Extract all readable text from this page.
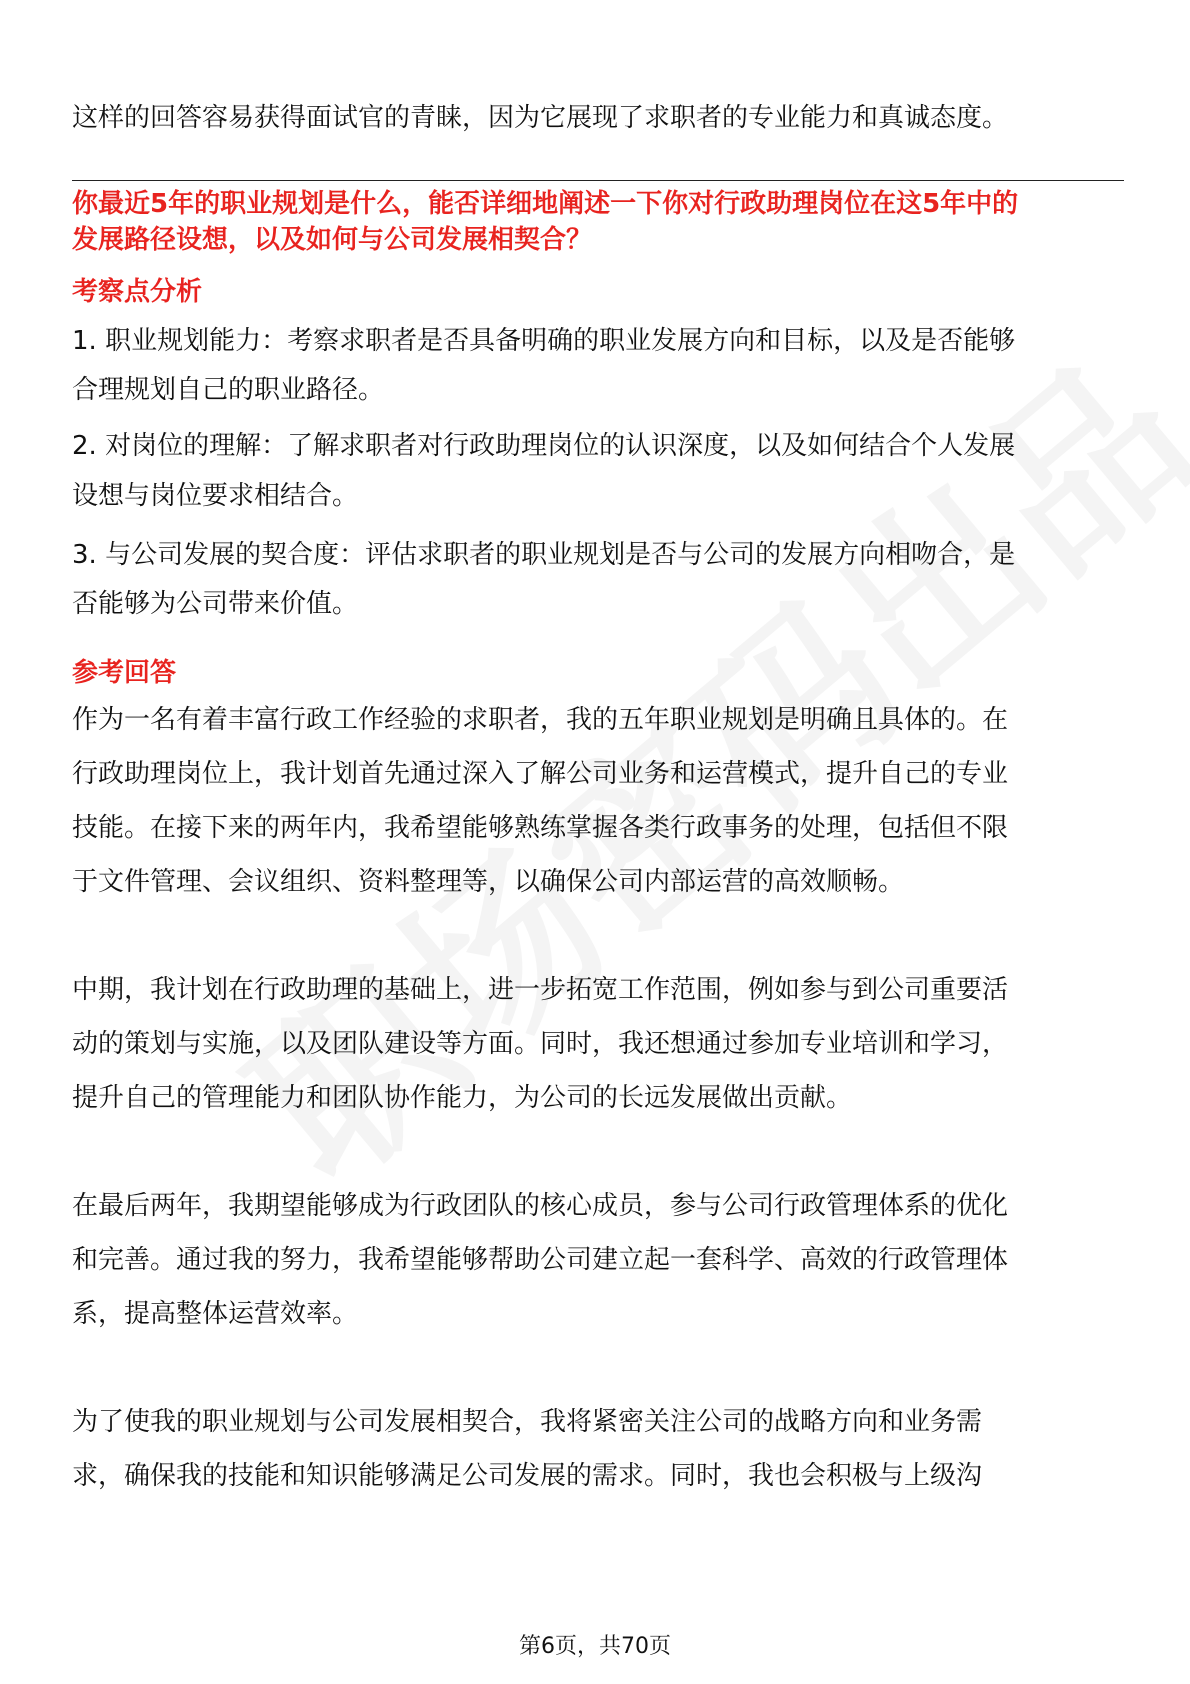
这样的回答容易获得面试官的青睐，因为它展现了求职者的专业能力和真诚态度。
你最近5年的职业规划是什么，能否详细地阐述一下你对行政助理岗位在这5年中的
发展路径设想，以及如何与公司发展相契合？
考察点分析
1. 职业规划能力：考察求职者是否具备明确的职业发展方向和目标，以及是否能够
合理规划自己的职业路径。
2. 对岗位的理解：了解求职者对行政助理岗位的认识深度，以及如何结合个人发展
设想与岗位要求相结合。
3. 与公司发展的契合度：评估求职者的职业规划是否与公司的发展方向相吻合，是
否能够为公司带来价值。
参考回答
作为一名有着丰富行政工作经验的求职者，我的五年职业规划是明确且具体的。在
行政助理岗位上，我计划首先通过深入了解公司业务和运营模式，提升自己的专业
技能。在接下来的两年内，我希望能够熟练掌握各类行政事务的处理，包括但不限
于文件管理、会议组织、资料整理等，以确保公司内部运营的高效顺畅。
中期，我计划在行政助理的基础上，进一步拓宽工作范围，例如参与到公司重要活
动的策划与实施，以及团队建设等方面。同时，我还想通过参加专业培训和学习，
提升自己的管理能力和团队协作能力，为公司的长远发展做出贡献。
在最后两年，我期望能够成为行政团队的核心成员，参与公司行政管理体系的优化
和完善。通过我的努力，我希望能够帮助公司建立起一套科学、高效的行政管理体
系，提高整体运营效率。
为了使我的职业规划与公司发展相契合，我将紧密关注公司的战略方向和业务需
求，确保我的技能和知识能够满足公司发展的需求。同时，我也会积极与上级沟
第6页，共70页
